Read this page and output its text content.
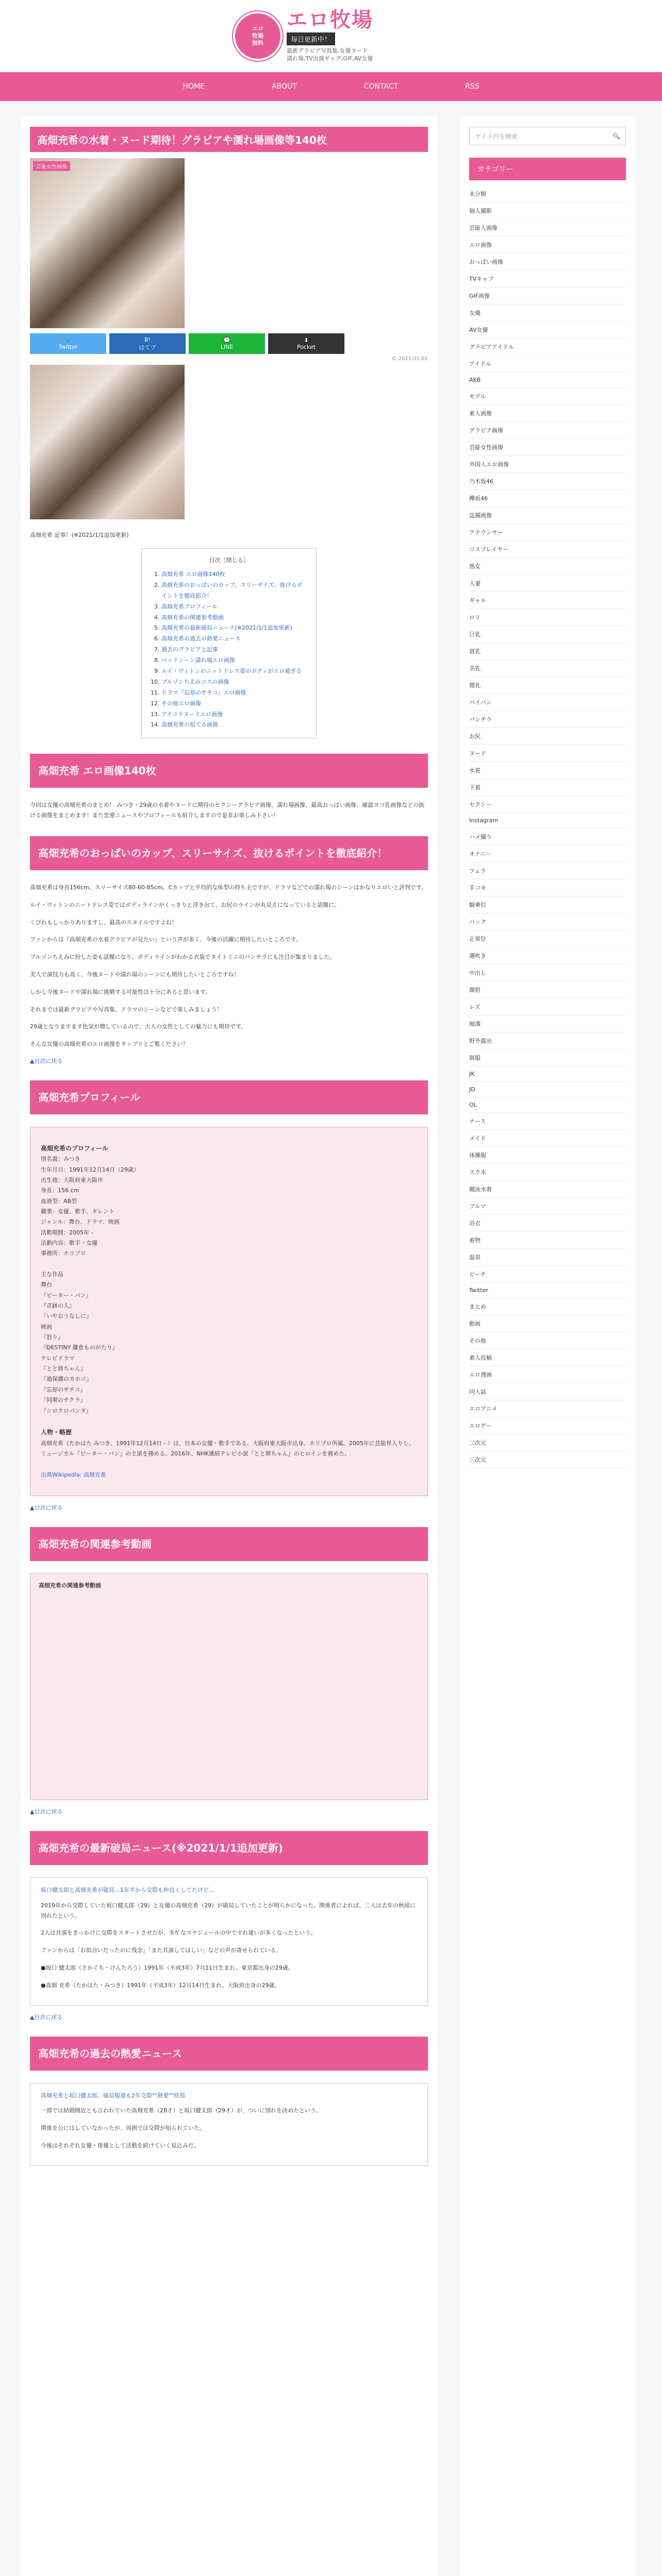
エロ
牧場
無料
エロ牧場
毎日更新中！
最新グラビア写真集,女優ヌード
濡れ場,TV出演ギャグ,GIF,AV女優
HOME	ABOUT	CONTACT	RSS
高畑充希の水着・ヌード期待！グラビアや濡れ場画像等140枚
芸能女性画像
🐦
Twitter
B!
はてブ
💬
LINE
⬇
Pocket
© 2021.01.01
高畑充希 記事！(※2021/1/1追加更新)
目次［閉じる］
1. 高畑充希 エロ画像140枚
2. 高畑充希のおっぱいのカップ、スリーサイズ、抜けるポイントを徹底紹介！
3. 高畑充希プロフィール
4. 高畑充希の関連参考動画
5. 高畑充希の最新破局ニュース(※2021/1/1追加更新)
6. 高畑充希の過去の熱愛ニュース
7. 過去のグラビアと記事
8. ベッドシーン濡れ場エロ画像
9. ルイ・ヴィトンのニットドレス姿のボディがエロ過ぎる
10. ブルゾンちえみコスの画像
11. ドラマ『忘却のサチコ』エロ画像
12. その他エロ画像
13. アイコラヌードエロ画像
14. 高畑充希の似てる画像
高畑充希 エロ画像140枚

今回は女優の高畑充希のまとめ！ みつき・29歳の水着やヌードに期待のセクシーグラビア画像、濡れ場画像、最高おっぱい画像、確認ヨコ乳画像などの抜ける画像をまとめます！また恋愛ニュースやプロフィールも紹介しますので是非お楽しみ下さい！

高畑充希のおっぱいのカップ、スリーサイズ、抜けるポイントを徹底紹介！

高畑充希は身長156cm、スリーサイズ80-60-85cm、Cカップと平均的な体型の持ち主ですが、ドラマなどでの濡れ場のシーンはかなりエロいと評判です。

ルイ・ヴィトンのニットドレス姿ではボディラインがくっきりと浮き出て、お尻のラインが丸見えになっていると話題に。

くびれもしっかりありますし、最高のスタイルですよね！

ファンからは『高畑充希の水着グラビアが見たい』という声が多く、今後の活躍に期待したいところです。

ブルゾンちえみに扮した姿も話題になり、ボディラインがわかる衣装でタイトミニのパンチラにも注目が集まりました。

美人で演技力も高く、今後ヌードや濡れ場のシーンにも期待したいところですね！

しかし今後ヌードや濡れ場に挑戦する可能性は十分にあると思います。

それまでは最新グラビアや写真集、ドラマのシーンなどで楽しみましょう！

29歳となりますます色気が増しているので、大人の女性としての魅力にも期待です。

そんな女優の高畑充希のエロ画像をタップリとご覧ください！

▲目次に戻る
高畑充希プロフィール
高畑充希のプロフィール

別名義：みつき
生年月日：1991年12月14日（29歳）
出生地：大阪府東大阪市
身長：156 cm
血液型：AB型
職業：女優、歌手、タレント
ジャンル：舞台、ドラマ、映画
活動期間：2005年 -
活動内容：歌手・女優
事務所：ホリプロ

主な作品
舞台
『ピーター・パン』
『奇跡の人』
『いやおうなしに』
映画
『怒り』
『DESTINY 鎌倉ものがたり』
テレビドラマ
『とと姉ちゃん』
『過保護のカホコ』
『忘却のサチコ』
『同期のサクラ』
『シロクロパンダ』

人物・略歴
高畑充希（たかはた みつき、1991年12月14日 - ）は、日本の女優・歌手である。大阪府東大阪市出身。ホリプロ所属。2005年に芸能界入りし、ミュージカル『ピーター・パン』の主演を務める。2016年、NHK連続テレビ小説『とと姉ちゃん』のヒロインを務めた。

出典Wikipedia: 高畑充希
▲目次に戻る
高畑充希の関連参考動画
高畑充希の関連参考動画
▲目次に戻る
高畑充希の最新破局ニュース(※2021/1/1追加更新)
坂口健太郎と高畑充希が破局…1年半から交際も仲良くしてたけど…

2019年から交際していた坂口健太郎（29）と女優の高畑充希（29）が破局していたことが明らかになった。関係者によれば、二人は去年の秋頃に別れたという。

2人は共演をきっかけに交際をスタートさせたが、多忙なスケジュールの中ですれ違いが多くなったという。

ファンからは「お似合いだったのに残念」「また共演してほしい」などの声が寄せられている。

●坂口 健太郎（さかぐち・けんたろう）1991年（平成3年）7月11日生まれ、東京都出身の29歳。

●高畑 充希（たかはた・みつき）1991年（平成3年）12月14日生まれ、大阪府出身の29歳。

▲目次に戻る
高畑充希の過去の熱愛ニュース
高畑充希と坂口健太郎、破局報道も2年交際""熱愛""終焉

一部では結婚間近とも言われていた高畑充希（28才）と坂口健太郎（29才）が、ついに別れを決めたという。

関係を公にはしていなかったが、周囲では交際が知られていた。

今後はそれぞれ女優・俳優として活動を続けていく見込みだ。

サイト内を検索	🔍
カテゴリー
未分類
個人撮影
芸能人画像
エロ画像
おっぱい画像
TVキャプ
GIF画像
女優
AV女優
グラビアアイドル
アイドル
AKB
モデル
素人画像
グラビア画像
芸能女性画像
外国人エロ画像
乃木坂46
欅坂46
盗撮画像
アナウンサー
コスプレイヤー
熟女
人妻
ギャル
ロリ
巨乳
貧乳
美乳
微乳
パイパン
パンチラ
お尻
ヌード
水着
下着
セクシー
Instagram
ハメ撮り
オナニー
フェラ
手コキ
騎乗位
バック
正常位
潮吹き
中出し
顔射
レズ
痴漢
野外露出
制服
JK
JD
OL
ナース
メイド
体操服
スク水
競泳水着
ブルマ
浴衣
着物
温泉
ビーチ
Twitter
まとめ
動画
その他
素人投稿
エロ漫画
同人誌
エロアニメ
エロゲー
二次元
三次元
